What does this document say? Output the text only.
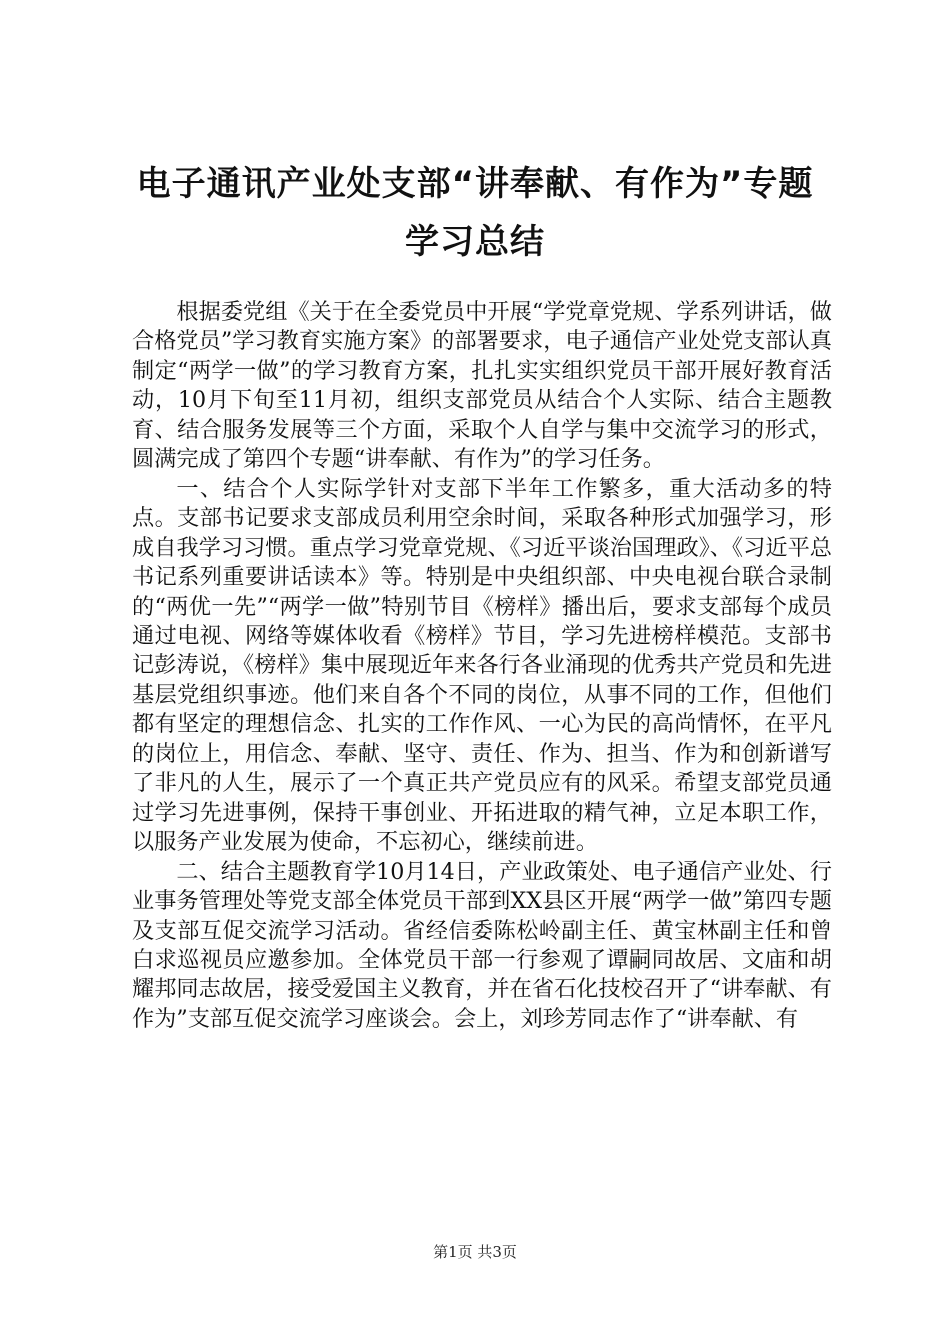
电子通讯产业处支部“讲奉献、有作为”专题
学习总结

根据委党组《关于在全委党员中开展“学党章党规、学系列讲话，做合格党员”学习教育实施方案》的部署要求，电子通信产业处党支部认真制定“两学一做”的学习教育方案，扎扎实实组织党员干部开展好教育活动，10月下旬至11月初，组织支部党员从结合个人实际、结合主题教育、结合服务发展等三个方面，采取个人自学与集中交流学习的形式，圆满完成了第四个专题“讲奉献、有作为”的学习任务。

一、结合个人实际学针对支部下半年工作繁多，重大活动多的特点。支部书记要求支部成员利用空余时间，采取各种形式加强学习，形成自我学习习惯。重点学习党章党规、《习近平谈治国理政》、《习近平总书记系列重要讲话读本》等。特别是中央组织部、中央电视台联合录制的“两优一先”“两学一做”特别节目《榜样》播出后，要求支部每个成员通过电视、网络等媒体收看《榜样》节目，学习先进榜样模范。支部书记彭涛说，《榜样》集中展现近年来各行各业涌现的优秀共产党员和先进基层党组织事迹。他们来自各个不同的岗位，从事不同的工作，但他们都有坚定的理想信念、扎实的工作作风、一心为民的高尚情怀，在平凡的岗位上，用信念、奉献、坚守、责任、作为、担当、作为和创新谱写了非凡的人生，展示了一个真正共产党员应有的风采。希望支部党员通过学习先进事例，保持干事创业、开拓进取的精气神，立足本职工作，以服务产业发展为使命，不忘初心，继续前进。

二、结合主题教育学10月14日，产业政策处、电子通信产业处、行业事务管理处等党支部全体党员干部到XX县区开展“两学一做”第四专题及支部互促交流学习活动。省经信委陈松岭副主任、黄宝林副主任和曾白求巡视员应邀参加。全体党员干部一行参观了谭嗣同故居、文庙和胡耀邦同志故居，接受爱国主义教育，并在省石化技校召开了“讲奉献、有作为”支部互促交流学习座谈会。会上，刘珍芳同志作了“讲奉献、有

第1页 共3页
